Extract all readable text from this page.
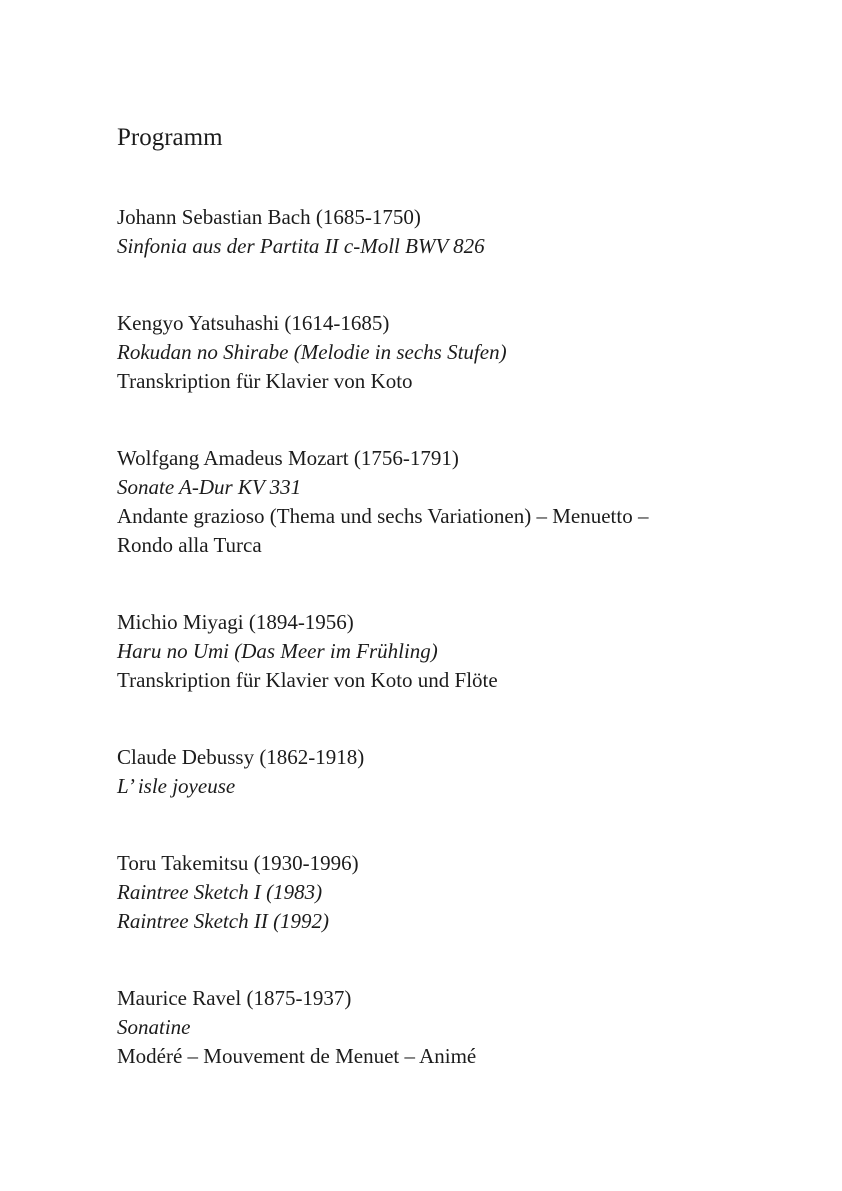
Programm
Johann Sebastian Bach (1685-1750)
Sinfonia aus der Partita II c-Moll BWV 826
Kengyo Yatsuhashi (1614-1685)
Rokudan no Shirabe (Melodie in sechs Stufen)
Transkription für Klavier von Koto
Wolfgang Amadeus Mozart (1756-1791)
Sonate A-Dur KV 331
Andante grazioso (Thema und sechs Variationen) – Menuetto –
Rondo alla Turca
Michio Miyagi (1894-1956)
Haru no Umi (Das Meer im Frühling)
Transkription für Klavier von Koto und Flöte
Claude Debussy (1862-1918)
L’ isle joyeuse
Toru Takemitsu (1930-1996)
Raintree Sketch I (1983)
Raintree Sketch II (1992)
Maurice Ravel (1875-1937)
Sonatine
Modéré – Mouvement de Menuet – Animé
